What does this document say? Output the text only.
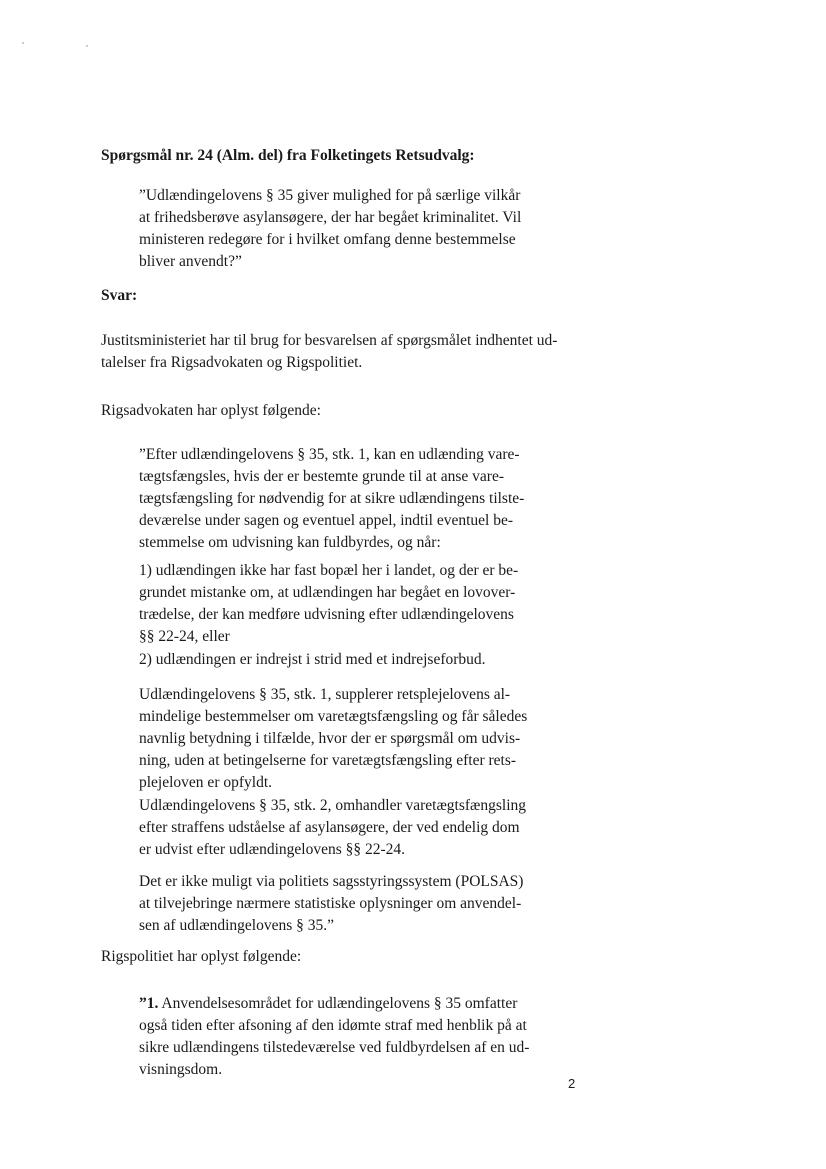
Spørgsmål nr. 24 (Alm. del) fra Folketingets Retsudvalg:

”Udlændingelovens § 35 giver mulighed for på særlige vilkår
at frihedsberøve asylansøgere, der har begået kriminalitet. Vil
ministeren redegøre for i hvilket omfang denne bestemmelse
bliver anvendt?”

Svar:

Justitsministeriet har til brug for besvarelsen af spørgsmålet indhentet ud-
talelser fra Rigsadvokaten og Rigspolitiet.

Rigsadvokaten har oplyst følgende:

”Efter udlændingelovens § 35, stk. 1, kan en udlænding vare-
tægtsfængsles, hvis der er bestemte grunde til at anse vare-
tægtsfængsling for nødvendig for at sikre udlændingens tilste-
deværelse under sagen og eventuel appel, indtil eventuel be-
stemmelse om udvisning kan fuldbyrdes, og når:

1) udlændingen ikke har fast bopæl her i landet, og der er be-
grundet mistanke om, at udlændingen har begået en lovover-
trædelse, der kan medføre udvisning efter udlændingelovens
§§ 22-24, eller

2) udlændingen er indrejst i strid med et indrejseforbud.

Udlændingelovens § 35, stk. 1, supplerer retsplejelovens al-
mindelige bestemmelser om varetægtsfængsling og får således
navnlig betydning i tilfælde, hvor der er spørgsmål om udvis-
ning, uden at betingelserne for varetægtsfængsling efter rets-
plejeloven er opfyldt.

Udlændingelovens § 35, stk. 2, omhandler varetægtsfængsling
efter straffens udståelse af asylansøgere, der ved endelig dom
er udvist efter udlændingelovens §§ 22-24.

Det er ikke muligt via politiets sagsstyringssystem (POLSAS)
at tilvejebringe nærmere statistiske oplysninger om anvendel-
sen af udlændingelovens § 35.”

Rigspolitiet har oplyst følgende:

”1. Anvendelsesområdet for udlændingelovens § 35 omfatter
også tiden efter afsoning af den idømte straf med henblik på at
sikre udlændingens tilstedeværelse ved fuldbyrdelsen af en ud-
visningsdom.

2
